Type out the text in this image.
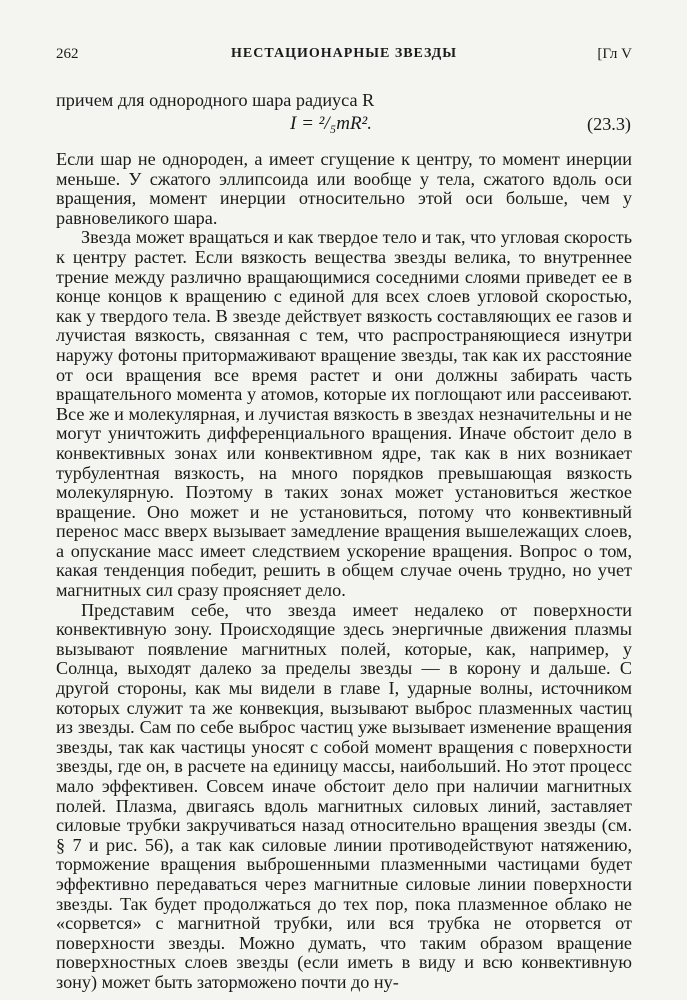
262	НЕСТАЦИОНАРНЫЕ ЗВЕЗДЫ	[Гл V
причем для однородного шара радиуса R
I = ²/₅mR².	(23.3)

Если шар не однороден, а имеет сгущение к центру, то момент инерции меньше. У сжатого эллипсоида или вообще у тела, сжатого вдоль оси вращения, момент инерции относительно этой оси больше, чем у равновеликого шара.

Звезда может вращаться и как твердое тело и так, что угловая скорость к центру растет. Если вязкость вещества звезды велика, то внутреннее трение между различно вращающимися соседними слоями приведет ее в конце концов к вращению с единой для всех слоев угловой скоростью, как у твердого тела. В звезде действует вязкость составляющих ее газов и лучистая вязкость, связанная с тем, что распространяющиеся изнутри наружу фотоны притормаживают вращение звезды, так как их расстояние от оси вращения все время растет и они должны забирать часть вращательного момента у атомов, которые их поглощают или рассеивают. Все же и молекулярная, и лучистая вязкость в звездах незначительны и не могут уничтожить дифференциального вращения. Иначе обстоит дело в конвективных зонах или конвективном ядре, так как в них возникает турбулентная вязкость, на много порядков превышающая вязкость молекулярную. Поэтому в таких зонах может установиться жесткое вращение. Оно может и не установиться, потому что конвективный перенос масс вверх вызывает замедление вращения вышележащих слоев, а опускание масс имеет следствием ускорение вращения. Вопрос о том, какая тенденция победит, решить в общем случае очень трудно, но учет магнитных сил сразу проясняет дело.

Представим себе, что звезда имеет недалеко от поверхности конвективную зону. Происходящие здесь энергичные движения плазмы вызывают появление магнитных полей, которые, как, например, у Солнца, выходят далеко за пределы звезды — в корону и дальше. С другой стороны, как мы видели в главе I, ударные волны, источником которых служит та же конвекция, вызывают выброс плазменных частиц из звезды. Сам по себе выброс частиц уже вызывает изменение вращения звезды, так как частицы уносят с собой момент вращения с поверхности звезды, где он, в расчете на единицу массы, наибольший. Но этот процесс мало эффективен. Совсем иначе обстоит дело при наличии магнитных полей. Плазма, двигаясь вдоль магнитных силовых линий, заставляет силовые трубки закручиваться назад относительно вращения звезды (см. § 7 и рис. 56), а так как силовые линии противодействуют натяжению, торможение вращения выброшенными плазменными частицами будет эффективно передаваться через магнитные силовые линии поверхности звезды. Так будет продолжаться до тех пор, пока плазменное облако не «сорвется» с магнитной трубки, или вся трубка не оторвется от поверхности звезды. Можно думать, что таким образом вращение поверхностных слоев звезды (если иметь в виду и всю конвективную зону) может быть заторможено почти до ну-
